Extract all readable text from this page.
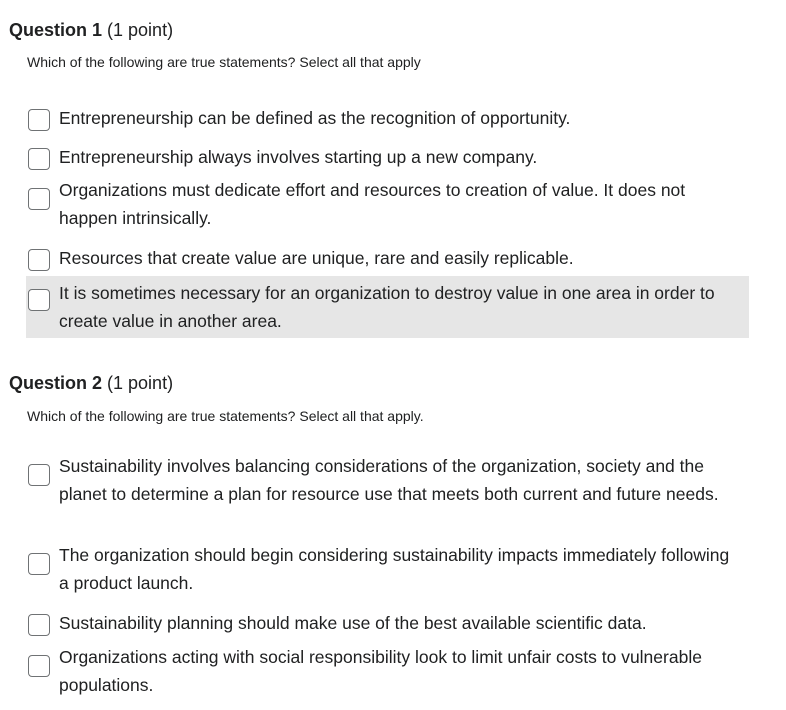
Question 1 (1 point)
Which of the following are true statements? Select all that apply
Entrepreneurship can be defined as the recognition of opportunity.
Entrepreneurship always involves starting up a new company.
Organizations must dedicate effort and resources to creation of value. It does not happen intrinsically.
Resources that create value are unique, rare and easily replicable.
It is sometimes necessary for an organization to destroy value in one area in order to create value in another area.
Question 2 (1 point)
Which of the following are true statements? Select all that apply.
Sustainability involves balancing considerations of the organization, society and the planet to determine a plan for resource use that meets both current and future needs.
The organization should begin considering sustainability impacts immediately following a product launch.
Sustainability planning should make use of the best available scientific data.
Organizations acting with social responsibility look to limit unfair costs to vulnerable populations.
